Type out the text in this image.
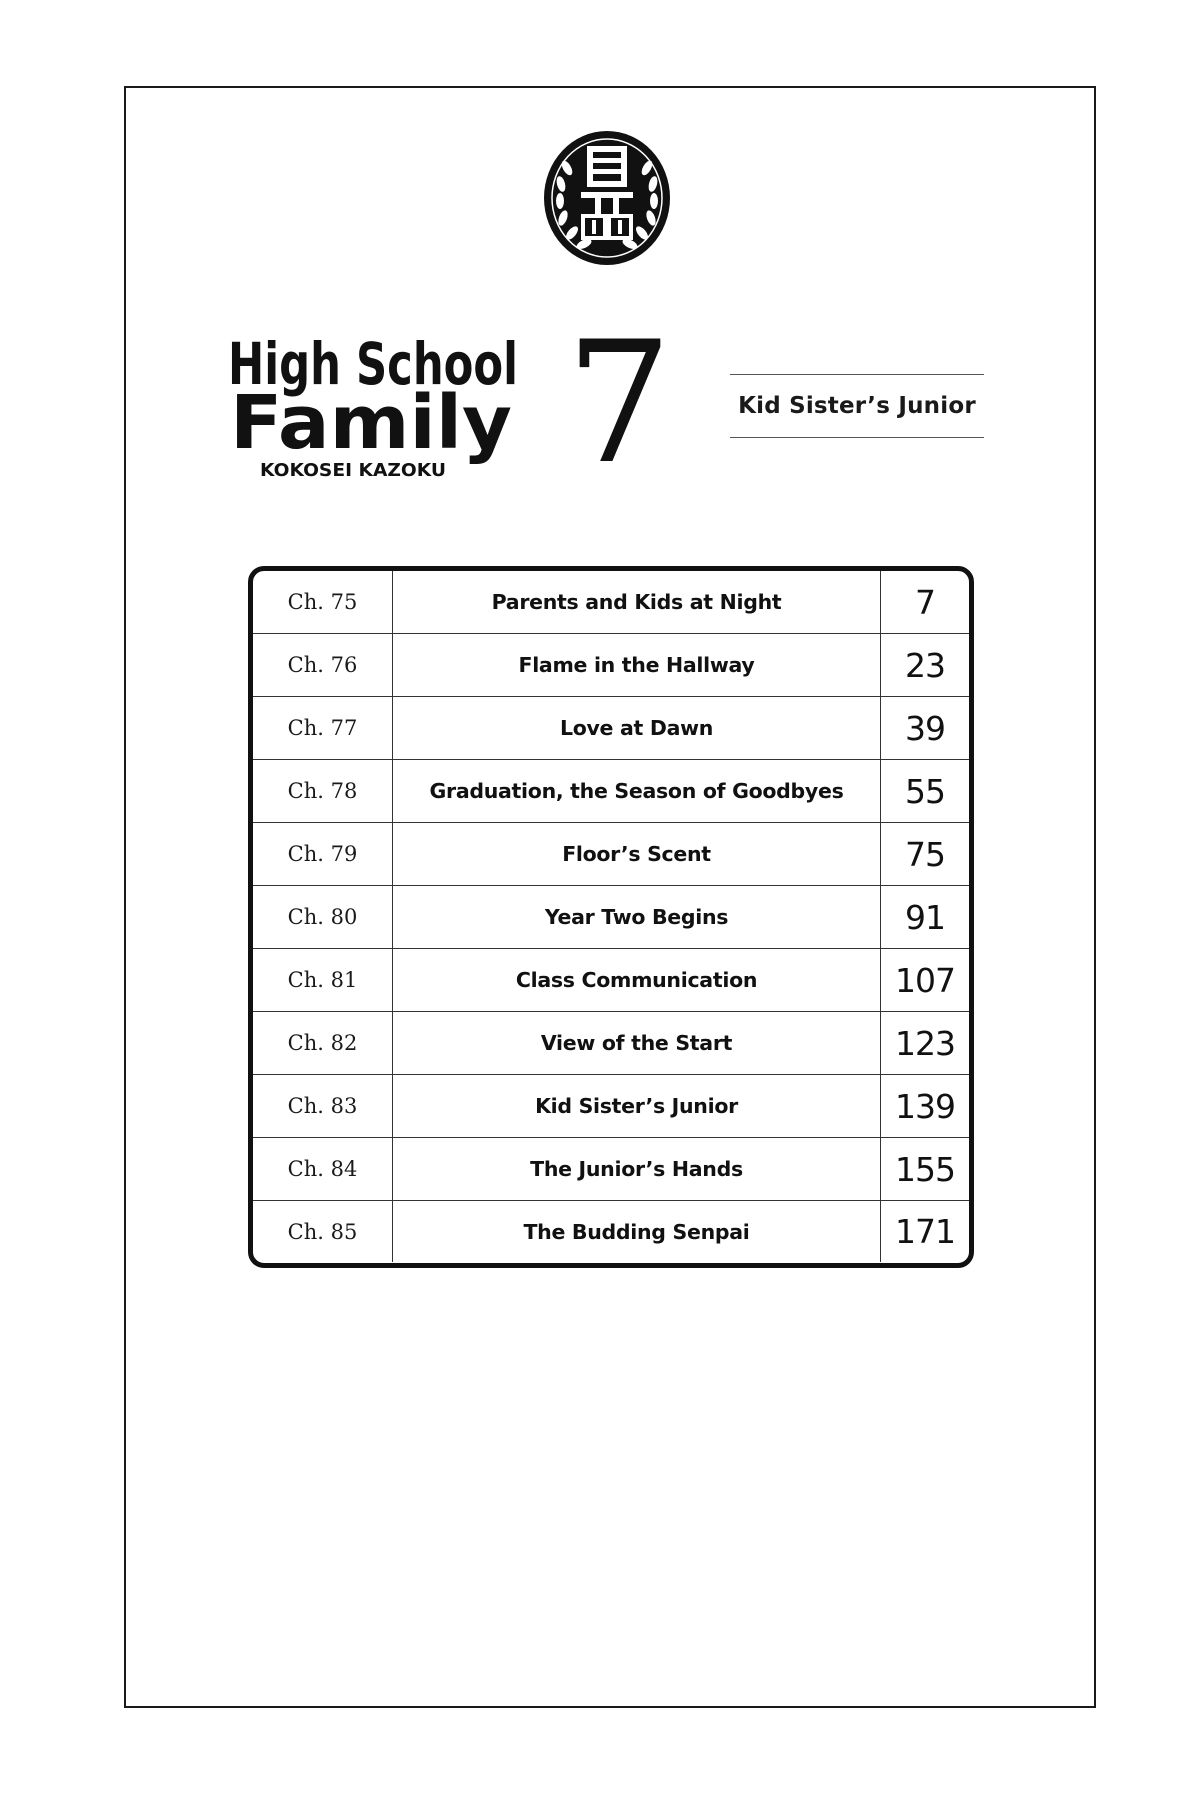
High School
Family
KOKOSEI KAZOKU 7	Kid Sister’s Junior
Ch. 75	Parents and Kids at Night	7
Ch. 76	Flame in the Hallway	23
Ch. 77	Love at Dawn	39
Ch. 78	Graduation, the Season of Goodbyes	55
Ch. 79	Floor’s Scent	75
Ch. 80	Year Two Begins	91
Ch. 81	Class Communication	107
Ch. 82	View of the Start	123
Ch. 83	Kid Sister’s Junior	139
Ch. 84	The Junior’s Hands	155
Ch. 85	The Budding Senpai	171
